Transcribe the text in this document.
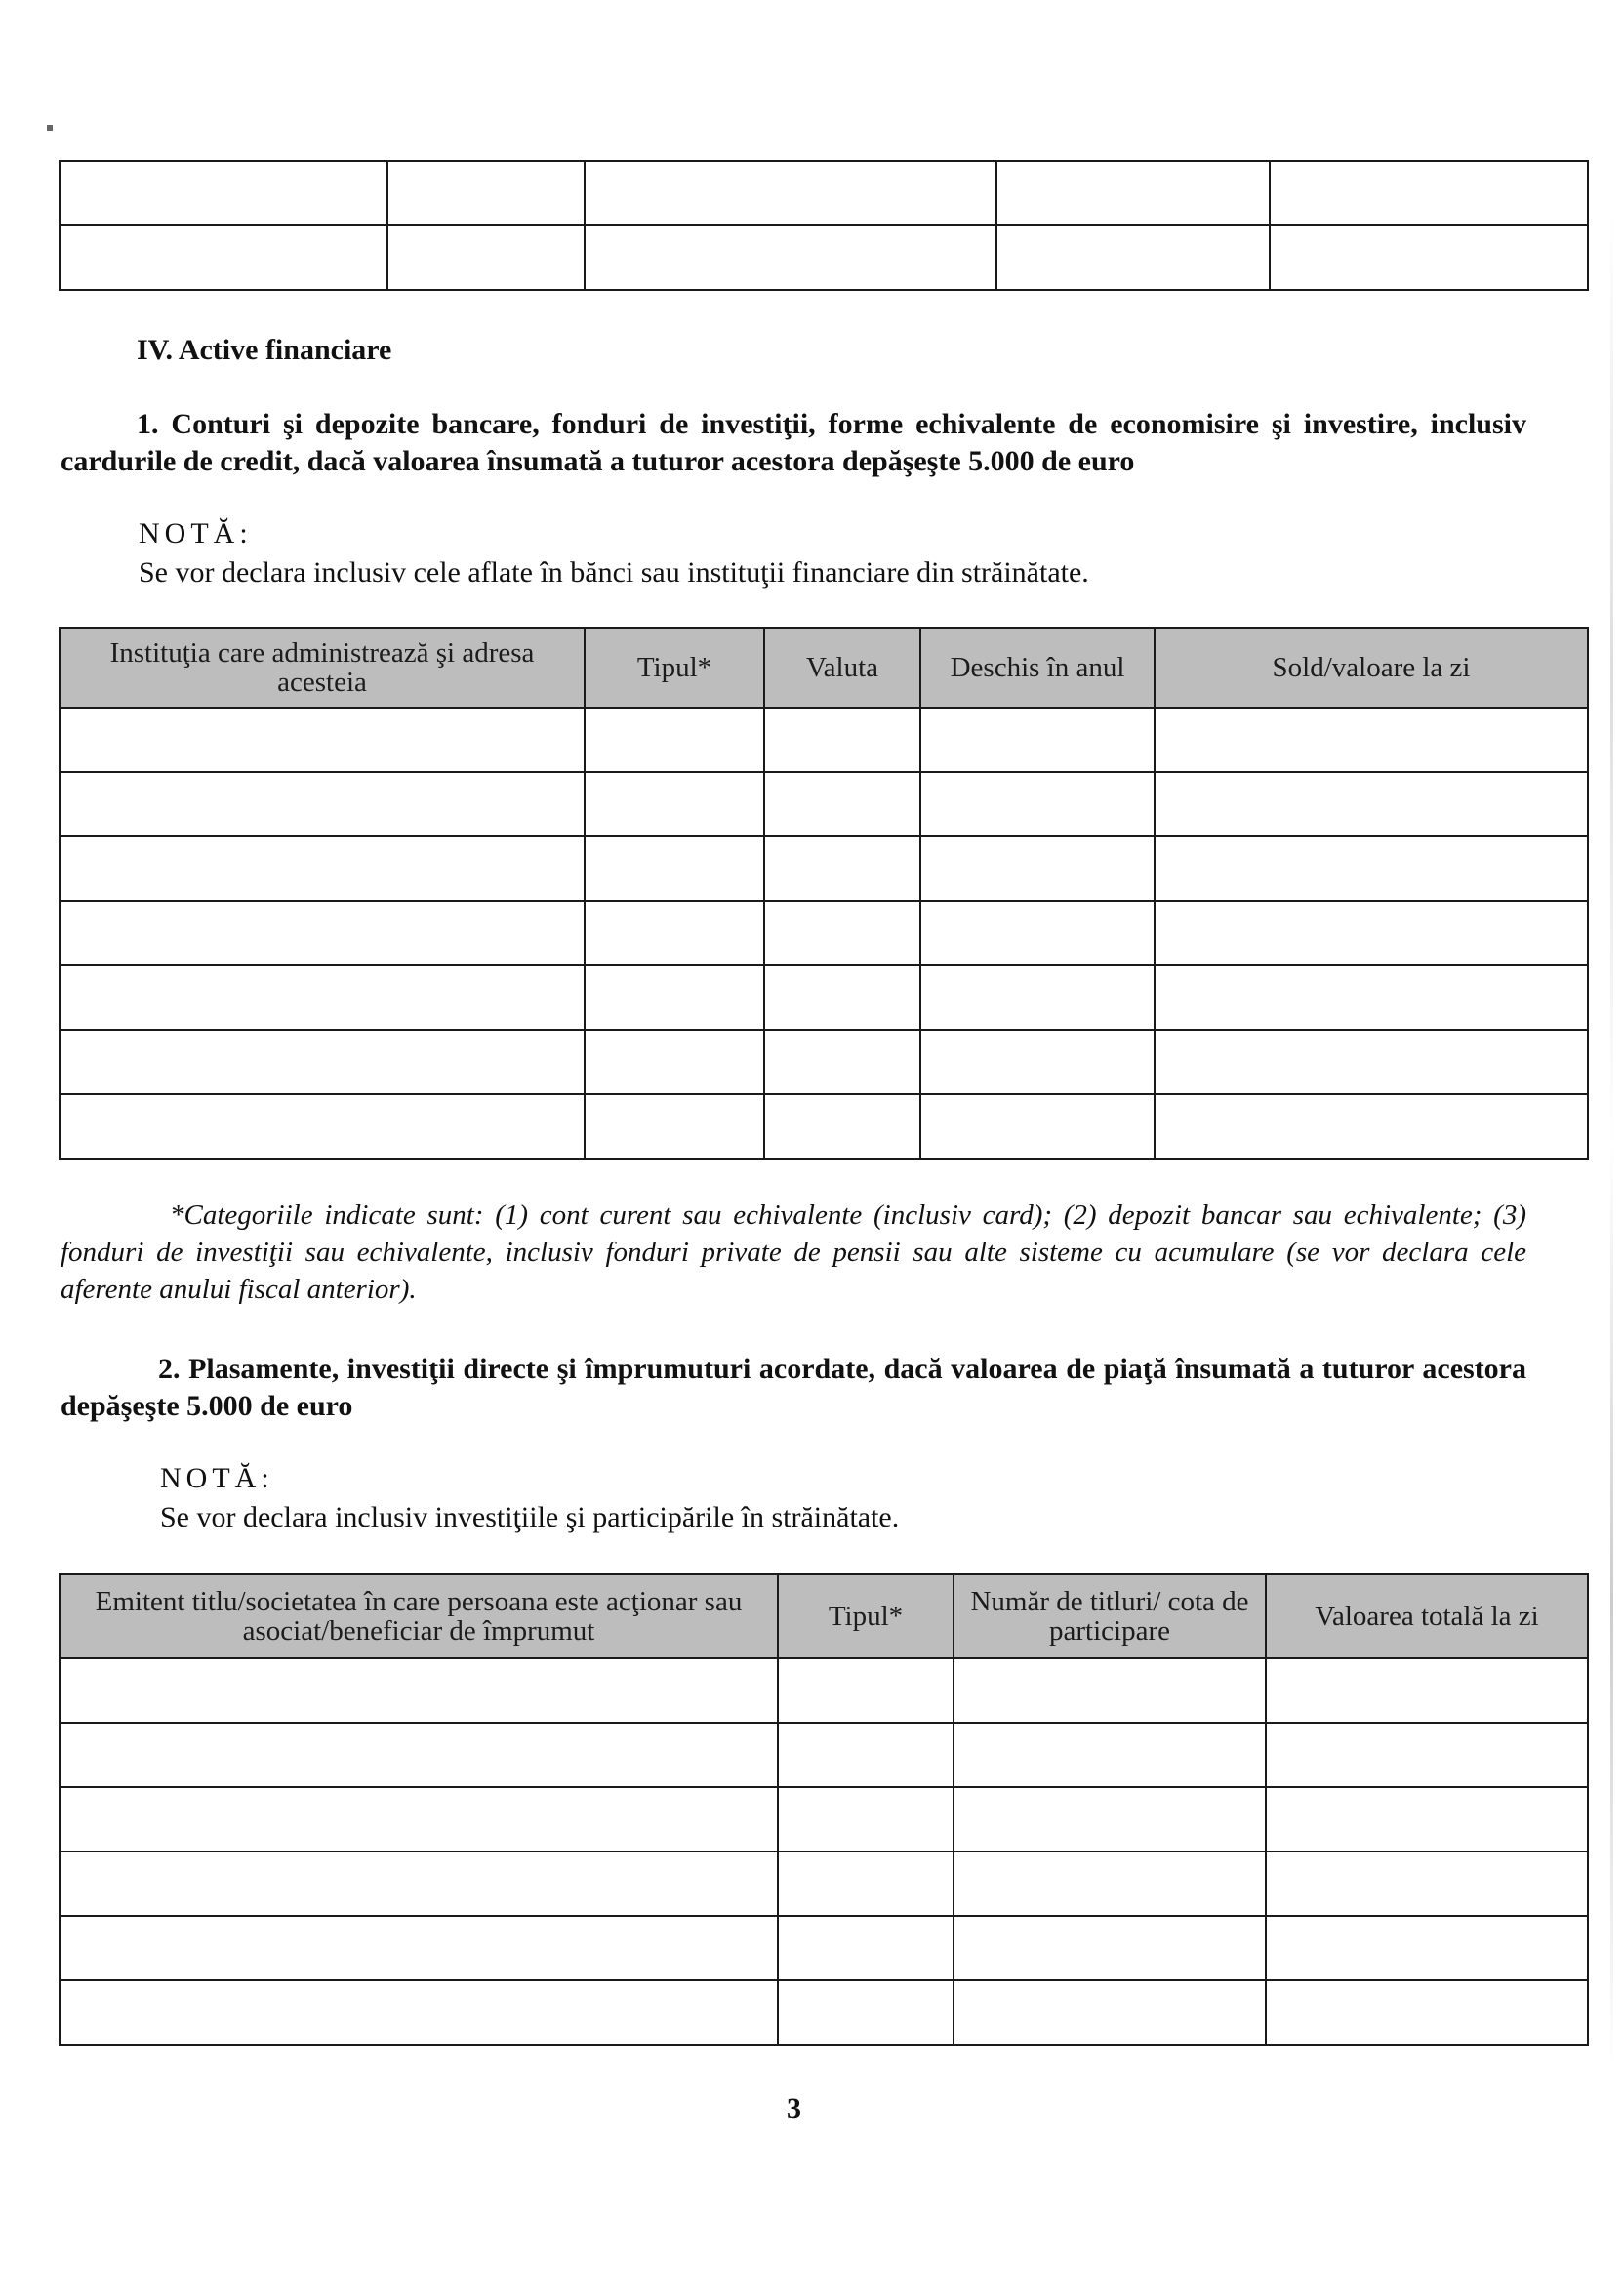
IV. Active financiare
1. Conturi şi depozite bancare, fonduri de investiţii, forme echivalente de economisire şi investire, inclusiv cardurile de credit, dacă valoarea însumată a tuturor acestora depăşeşte 5.000 de euro
NOTĂ:
Se vor declara inclusiv cele aflate în bănci sau instituţii financiare din străinătate.
Instituţia care administrează şi adresa acesteia	Tipul*	Valuta	Deschis în anul	Sold/valoare la zi

*Categoriile indicate sunt: (1) cont curent sau echivalente (inclusiv card); (2) depozit bancar sau echivalente; (3) fonduri de investiţii sau echivalente, inclusiv fonduri private de pensii sau alte sisteme cu acumulare (se vor declara cele aferente anului fiscal anterior).
2. Plasamente, investiţii directe şi împrumuturi acordate, dacă valoarea de piaţă însumată a tuturor acestora depăşeşte 5.000 de euro
NOTĂ:
Se vor declara inclusiv investiţiile şi participările în străinătate.
Emitent titlu/societatea în care persoana este acţionar sau asociat/beneficiar de împrumut	Tipul*	Număr de titluri/ cota de participare	Valoarea totală la zi

3
